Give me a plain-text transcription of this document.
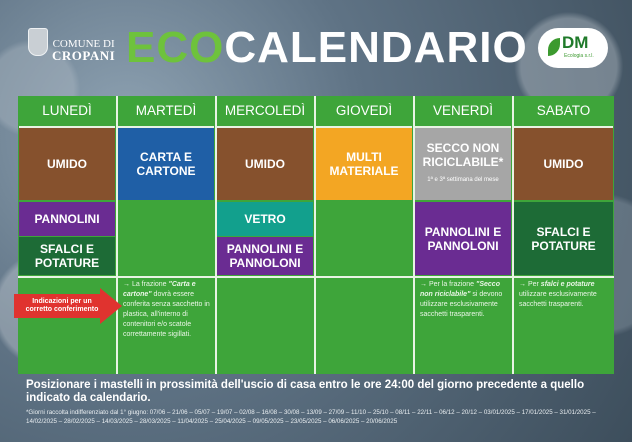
COMUNE DI
CROPANI ECOCALENDARIO DM
Ecologia s.r.l.
LUNEDÌ
UMIDO
PANNOLINI
SFALCI E POTATURE
MARTEDÌ
CARTA E CARTONE
→ La frazione "Carta e cartone" dovrà essere conferita senza sacchetto in plastica, all'interno di contenitori e/o scatole correttamente sigillati.
MERCOLEDÌ
UMIDO
VETRO
PANNOLINI E PANNOLONI
GIOVEDÌ
MULTI MATERIALE
VENERDÌ
SECCO NON RICICLABILE*
1ª e 3ª settimana del mese
PANNOLINI E PANNOLONI
→ Per la frazione "Secco non riciclabile" si devono utilizzare esclusivamente sacchetti trasparenti.
SABATO
UMIDO
SFALCI E POTATURE
→ Per sfalci e potature utilizzare esclusivamente sacchetti trasparenti.
Indicazioni per un corretto conferimento
Posizionare i mastelli in prossimità dell'uscio di casa entro le ore 24:00 del giorno precedente a quello indicato da calendario.
*Giorni raccolta indifferenziato dal 1° giugno: 07/06 – 21/06 – 05/07 – 19/07 – 02/08 – 16/08 – 30/08 – 13/09 – 27/09 – 11/10 – 25/10 – 08/11 – 22/11 – 06/12 – 20/12 – 03/01/2025 – 17/01/2025 – 31/01/2025 – 14/02/2025 – 28/02/2025 – 14/03/2025 – 28/03/2025 – 11/04/2025 – 25/04/2025 – 09/05/2025 – 23/05/2025 – 06/06/2025 – 20/06/2025
